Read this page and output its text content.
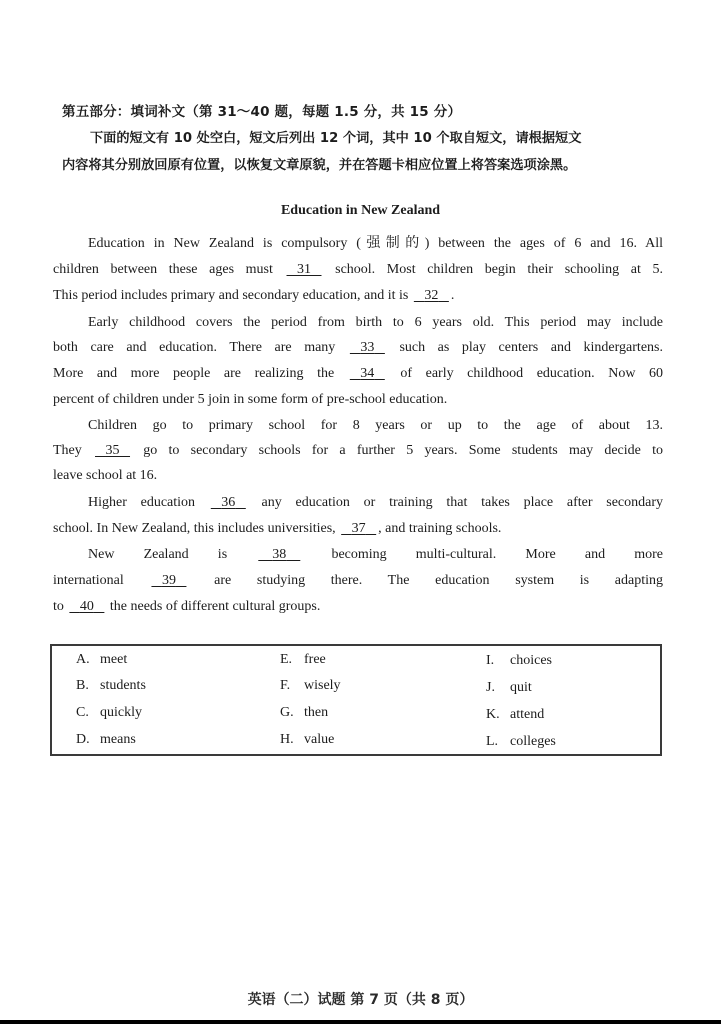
第五部分：填词补文（第 31～40 题，每题 1.5 分，共 15 分）
下面的短文有 10 处空白，短文后列出 12 个词，其中 10 个取自短文，请根据短文
内容将其分别放回原有位置，以恢复文章原貌，并在答题卡相应位置上将答案选项涂黑。
Education in New Zealand
Education in New Zealand is compulsory (强制的) between the ages of 6 and 16. All
children between these ages must    31    school. Most children begin their schooling at 5.
This period includes primary and secondary education, and it is    32 .
Early childhood covers the period from birth to 6 years old. This period may include
both care and education. There are many    33    such as play centers and kindergartens.
More and more people are realizing the    34    of early childhood education. Now 60
percent of children under 5 join in some form of pre-school education.
Children go to primary school for 8 years or up to the age of about 13.
They    35    go to secondary schools for a further 5 years. Some students may decide to
leave school at 16.
Higher education    36    any education or training that takes place after secondary
school. In New Zealand, this includes universities,    37 , and training schools.
New Zealand is     38     becoming multi-cultural. More and more
international    39    are studying there. The education system is adapting
to    40    the needs of different cultural groups.
A. meet
B. students
C. quickly
D. means
E. free
F. wisely
G. then
H. value
I. choices
J. quit
K. attend
L. colleges
英语（二）试题 第 7 页（共 8 页）
